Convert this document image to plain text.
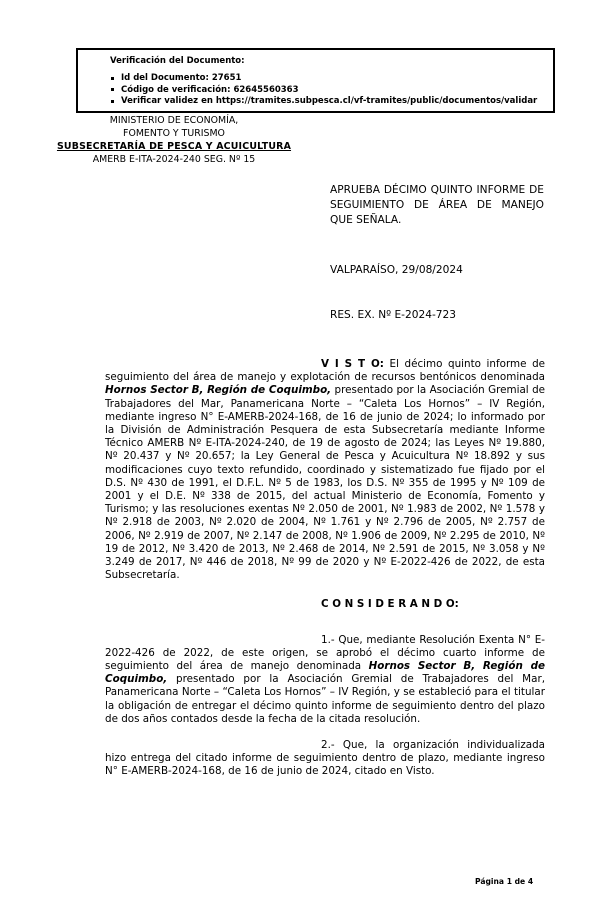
Verificación del Documento:
Id del Documento: 27651
Código de verificación: 62645560363
Verificar validez en https://tramites.subpesca.cl/vf-tramites/public/documentos/validar
MINISTERIO DE ECONOMÍA,
FOMENTO Y TURISMO
SUBSECRETARÍA DE PESCA Y ACUICULTURA
AMERB E-ITA-2024-240 SEG. Nº 15
APRUEBA DÉCIMO QUINTO INFORME DE SEGUIMIENTO DE ÁREA DE MANEJO QUE SEÑALA.
VALPARAÍSO, 29/08/2024
RES. EX. Nº E-2024-723

V I S T O: El décimo quinto informe de seguimiento del área de manejo y explotación de recursos bentónicos denominada Hornos Sector B, Región de Coquimbo, presentado por la Asociación Gremial de Trabajadores del Mar, Panamericana Norte – “Caleta Los Hornos” – IV Región, mediante ingreso N° E-AMERB-2024-168, de 16 de junio de 2024; lo informado por la División de Administración Pesquera de esta Subsecretaría mediante Informe Técnico AMERB Nº E-ITA-2024-240, de 19 de agosto de 2024; las Leyes Nº 19.880, Nº 20.437 y Nº 20.657; la Ley General de Pesca y Acuicultura Nº 18.892 y sus modificaciones cuyo texto refundido, coordinado y sistematizado fue fijado por el D.S. Nº 430 de 1991, el D.F.L. Nº 5 de 1983, los D.S. Nº 355 de 1995 y Nº 109 de 2001 y el D.E. Nº 338 de 2015, del actual Ministerio de Economía, Fomento y Turismo; y las resoluciones exentas Nº 2.050 de 2001, Nº 1.983 de 2002, Nº 1.578 y Nº 2.918 de 2003, Nº 2.020 de 2004, Nº 1.761 y Nº 2.796 de 2005, Nº 2.757 de 2006, Nº 2.919 de 2007, Nº 2.147 de 2008, Nº 1.906 de 2009, Nº 2.295 de 2010, Nº 19 de 2012, Nº 3.420 de 2013, Nº 2.468 de 2014, Nº 2.591 de 2015, Nº 3.058 y Nº 3.249 de 2017, Nº 446 de 2018, Nº 99 de 2020 y Nº E-2022-426 de 2022, de esta Subsecretaría.

C O N S I D E R A N D O:

1.- Que, mediante Resolución Exenta N° E-2022-426 de 2022, de este origen, se aprobó el décimo cuarto informe de seguimiento del área de manejo denominada Hornos Sector B, Región de Coquimbo, presentado por la Asociación Gremial de Trabajadores del Mar, Panamericana Norte – “Caleta Los Hornos” – IV Región, y se estableció para el titular la obligación de entregar el décimo quinto informe de seguimiento dentro del plazo de dos años contados desde la fecha de la citada resolución.

2.- Que, la organización individualizada hizo entrega del citado informe de seguimiento dentro de plazo, mediante ingreso N° E-AMERB-2024-168, de 16 de junio de 2024, citado en Visto.

Página 1 de 4
